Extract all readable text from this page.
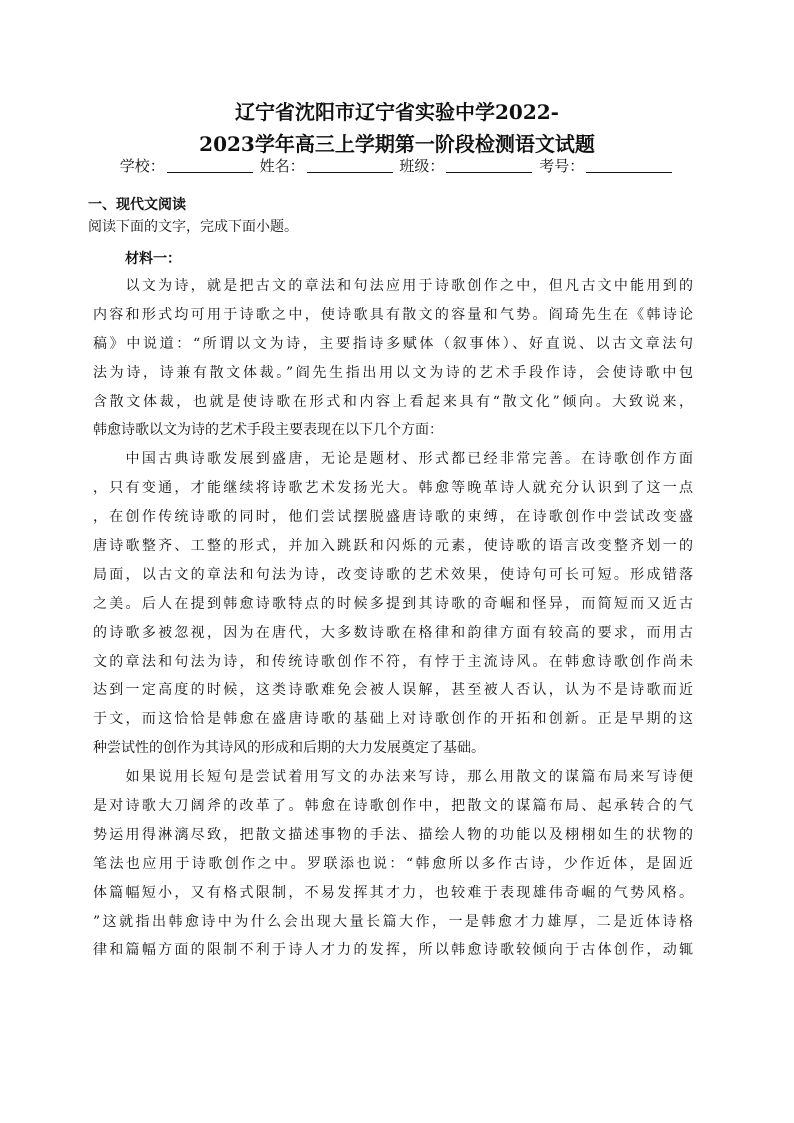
辽宁省沈阳市辽宁省实验中学2022-
2023学年高三上学期第一阶段检测语文试题
学校：	姓名：	班级：	考号：
一、现代文阅读
阅读下面的文字，完成下面小题。
材料一：
　　以文为诗，就是把古文的章法和句法应用于诗歌创作之中，但凡古文中能用到的
内容和形式均可用于诗歌之中，使诗歌具有散文的容量和气势。阎琦先生在《韩诗论
稿》中说道：“所谓以文为诗，主要指诗多赋体（叙事体）、好直说、以古文章法句
法为诗，诗兼有散文体裁。”阎先生指出用以文为诗的艺术手段作诗，会使诗歌中包
含散文体裁，也就是使诗歌在形式和内容上看起来具有“散文化”倾向。大致说来，
韩愈诗歌以文为诗的艺术手段主要表现在以下几个方面：
　　中国古典诗歌发展到盛唐，无论是题材、形式都已经非常完善。在诗歌创作方面
，只有变通，才能继续将诗歌艺术发扬光大。韩愈等晚革诗人就充分认识到了这一点
，在创作传统诗歌的同时，他们尝试摆脱盛唐诗歌的束缚，在诗歌创作中尝试改变盛
唐诗歌整齐、工整的形式，并加入跳跃和闪烁的元素，使诗歌的语言改变整齐划一的
局面，以古文的章法和句法为诗，改变诗歌的艺术效果，使诗句可长可短。形成错落
之美。后人在提到韩愈诗歌特点的时候多提到其诗歌的奇崛和怪异，而简短而又近古
的诗歌多被忽视，因为在唐代，大多数诗歌在格律和韵律方面有较高的要求，而用古
文的章法和句法为诗，和传统诗歌创作不符，有悖于主流诗风。在韩愈诗歌创作尚未
达到一定高度的时候，这类诗歌难免会被人误解，甚至被人否认，认为不是诗歌而近
于文，而这恰恰是韩愈在盛唐诗歌的基础上对诗歌创作的开拓和创新。正是早期的这
种尝试性的创作为其诗风的形成和后期的大力发展奠定了基础。
　　如果说用长短句是尝试着用写文的办法来写诗，那么用散文的谋篇布局来写诗便
是对诗歌大刀阔斧的改革了。韩愈在诗歌创作中，把散文的谋篇布局、起承转合的气
势运用得淋漓尽致，把散文描述事物的手法、描绘人物的功能以及栩栩如生的状物的
笔法也应用于诗歌创作之中。罗联添也说：“韩愈所以多作古诗，少作近体，是固近
体篇幅短小，又有格式限制，不易发挥其才力，也较难于表现雄伟奇崛的气势风格。
”这就指出韩愈诗中为什么会出现大量长篇大作，一是韩愈才力雄厚，二是近体诗格
律和篇幅方面的限制不利于诗人才力的发挥，所以韩愈诗歌较倾向于古体创作，动辄
